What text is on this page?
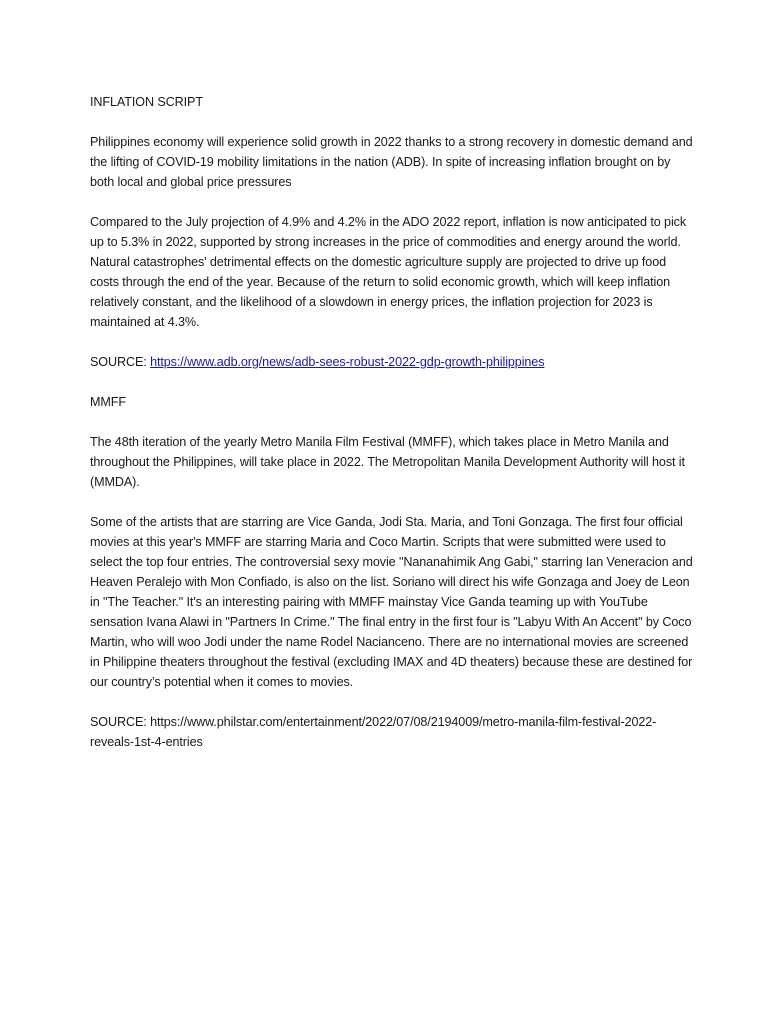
INFLATION SCRIPT
Philippines economy will experience solid growth in 2022 thanks to a strong recovery in domestic demand and the lifting of COVID-19 mobility limitations in the nation (ADB). In spite of increasing inflation brought on by both local and global price pressures
Compared to the July projection of 4.9% and 4.2% in the ADO 2022 report, inflation is now anticipated to pick up to 5.3% in 2022, supported by strong increases in the price of commodities and energy around the world. Natural catastrophes' detrimental effects on the domestic agriculture supply are projected to drive up food costs through the end of the year. Because of the return to solid economic growth, which will keep inflation relatively constant, and the likelihood of a slowdown in energy prices, the inflation projection for 2023 is maintained at 4.3%.
SOURCE: https://www.adb.org/news/adb-sees-robust-2022-gdp-growth-philippines
MMFF
The 48th iteration of the yearly Metro Manila Film Festival (MMFF), which takes place in Metro Manila and throughout the Philippines, will take place in 2022. The Metropolitan Manila Development Authority will host it (MMDA).
Some of the artists that are starring are Vice Ganda, Jodi Sta. Maria, and Toni Gonzaga. The first four official movies at this year's MMFF are starring Maria and Coco Martin. Scripts that were submitted were used to select the top four entries. The controversial sexy movie "Nananahimik Ang Gabi," starring Ian Veneracion and Heaven Peralejo with Mon Confiado, is also on the list. Soriano will direct his wife Gonzaga and Joey de Leon in "The Teacher." It's an interesting pairing with MMFF mainstay Vice Ganda teaming up with YouTube sensation Ivana Alawi in "Partners In Crime." The final entry in the first four is "Labyu With An Accent" by Coco Martin, who will woo Jodi under the name Rodel Nacianceno. There are no international movies are screened in Philippine theaters throughout the festival (excluding IMAX and 4D theaters) because these are destined for our country’s potential when it comes to movies.
SOURCE: https://www.philstar.com/entertainment/2022/07/08/2194009/metro-manila-film-festival-2022-reveals-1st-4-entries
